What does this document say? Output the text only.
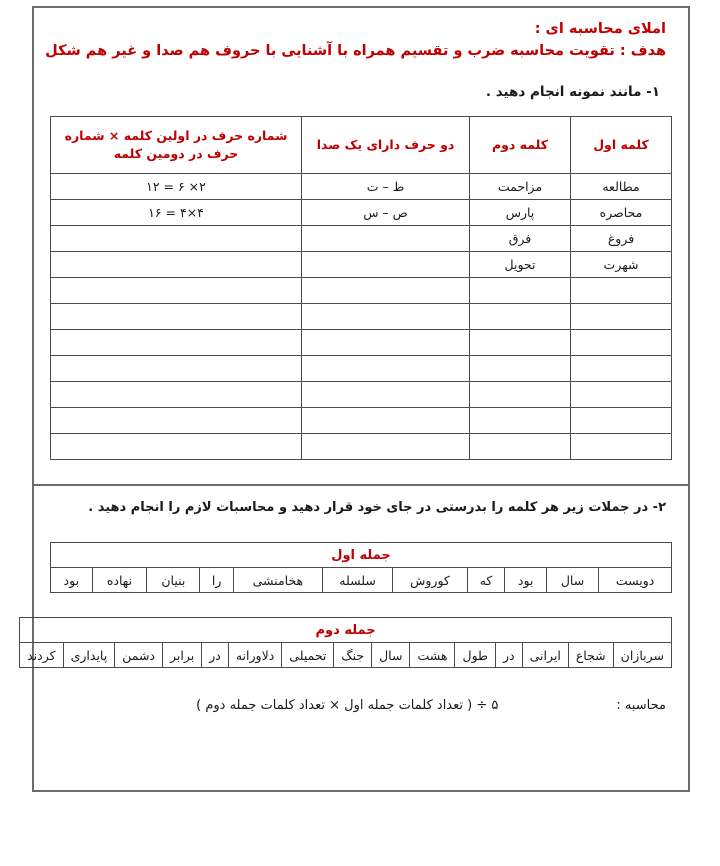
املای محاسبه ای :
هدف : تقویت محاسبه ضرب و تقسیم همراه با آشنایی با حروف هم صدا و غیر هم شکل
۱- مانند نمونه انجام دهید .
کلمه اول	کلمه دوم	دو حرف دارای یک صدا	شماره حرف در اولین کلمه × شماره حرف در دومین کلمه
مطالعه	مزاحمت	ط – ت	۲× ۶ = ۱۲
محاصره	پارس	ص – س	۴×۴ = ۱۶
فروغ	فرق		
شهرت	تحویل		

۲- در جملات زیر هر کلمه را بدرستی در جای خود قرار دهید و محاسبات لازم را انجام دهید .
جمله اول
دویست	سال	بود	که	کوروش	سلسله	هخامنشی	را	بنیان	نهاده	بود
جمله دوم
سربازان	شجاع	ایرانی	در	طول	هشت	سال	جنگ	تحمیلی	دلاورانه	در	برابر	دشمن	پایداری	کردند
محاسبه :
۵ ÷ ( تعداد کلمات جمله اول × تعداد کلمات جمله دوم )
